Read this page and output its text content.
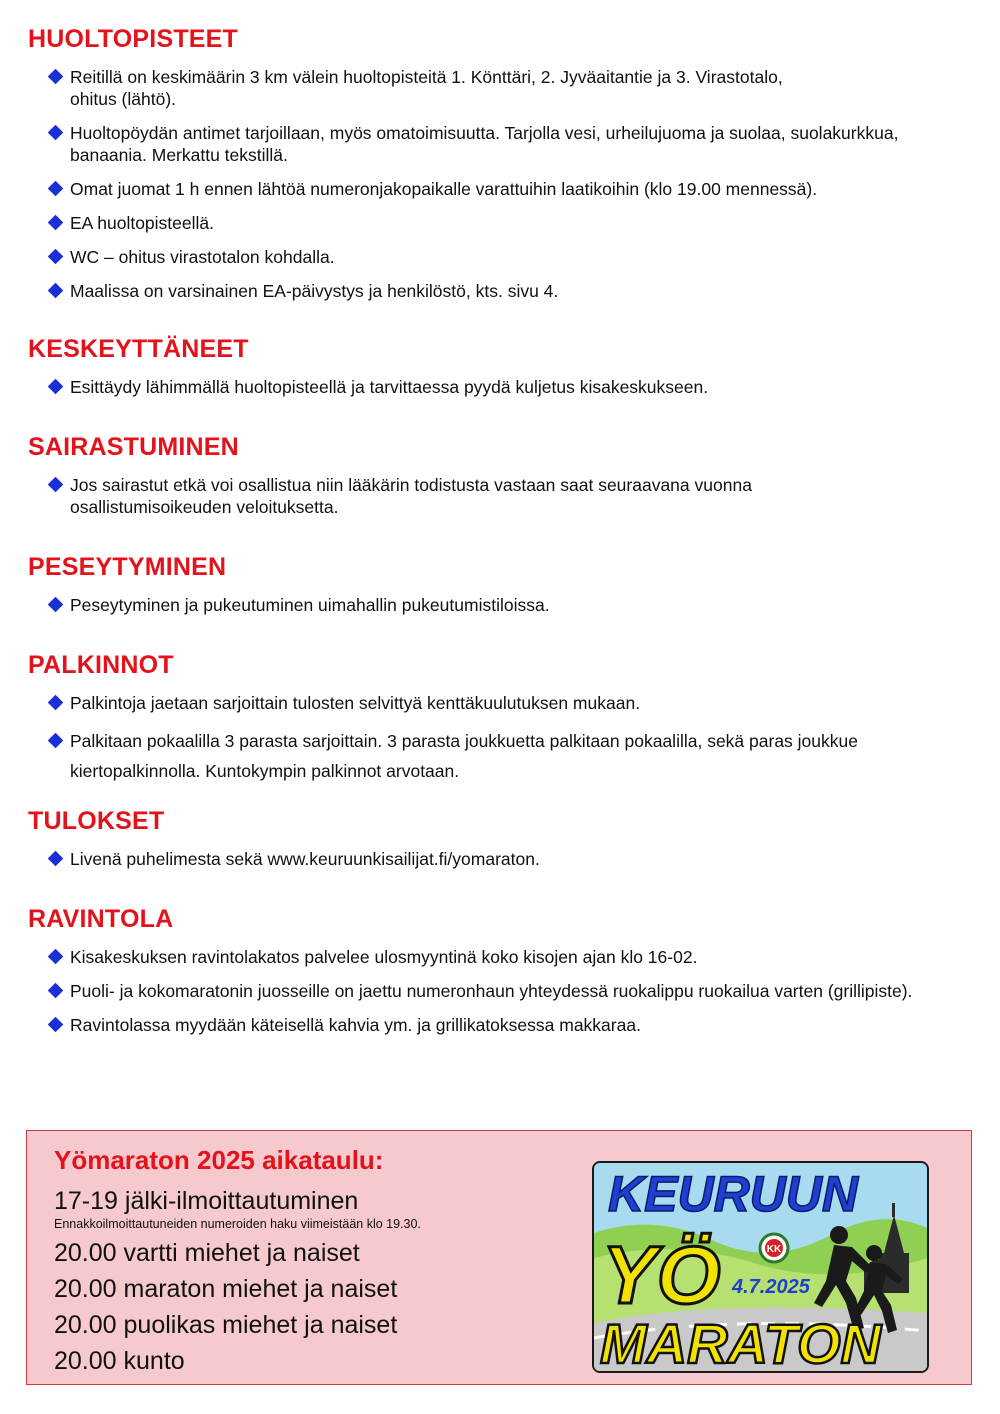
HUOLTOPISTEET
Reitillä on keskimäärin 3 km välein huoltopisteitä 1. Könttäri, 2. Jyväaitantie ja 3. Virastotalo, ohitus (lähtö).
Huoltopöydän antimet tarjoillaan, myös omatoimisuutta. Tarjolla vesi, urheilujuoma ja suolaa, suolakurkkua, banaania. Merkattu tekstillä.
Omat juomat 1 h ennen lähtöä numeronjakopaikalle varattuihin laatikoihin (klo 19.00 mennessä).
EA huoltopisteellä.
WC – ohitus virastotalon kohdalla.
Maalissa on varsinainen EA-päivystys ja henkilöstö, kts. sivu 4.
KESKEYTTÄNEET
Esittäydy lähimmällä huoltopisteellä ja tarvittaessa pyydä kuljetus kisakeskukseen.
SAIRASTUMINEN
Jos sairastut etkä voi osallistua niin lääkärin todistusta vastaan saat seuraavana vuonna osallistumisoikeuden veloituksetta.
PESEYTYMINEN
Peseytyminen ja pukeutuminen uimahallin pukeutumistiloissa.
PALKINNOT
Palkintoja jaetaan sarjoittain tulosten selvittyä kenttäkuulutuksen mukaan.
Palkitaan pokaalilla 3 parasta sarjoittain. 3 parasta joukkuetta palkitaan pokaalilla, sekä paras joukkue kiertopalkinnolla. Kuntokympin palkinnot arvotaan.
TULOKSET
Livenä puhelimesta sekä www.keuruunkisailijat.fi/yomaraton.
RAVINTOLA
Kisakeskuksen ravintolakatos palvelee ulosmyyntinä koko kisojen ajan klo 16-02.
Puoli- ja kokomaratonin juosseille on jaettu numeronhaun yhteydessä ruokalippu ruokailua varten (grillipiste).
Ravintolassa myydään käteisellä kahvia ym. ja grillikatoksessa makkaraa.
Yömaraton 2025 aikataulu:
17-19 jälki-ilmoittautuminen
Ennakkoilmoittautuneiden numeroiden haku viimeistään klo 19.30.
20.00 vartti miehet ja naiset
20.00 maraton miehet ja naiset
20.00 puolikas miehet ja naiset
20.00 kunto
KK
KEURUUN
YÖ 4.7.2025
MARATON
